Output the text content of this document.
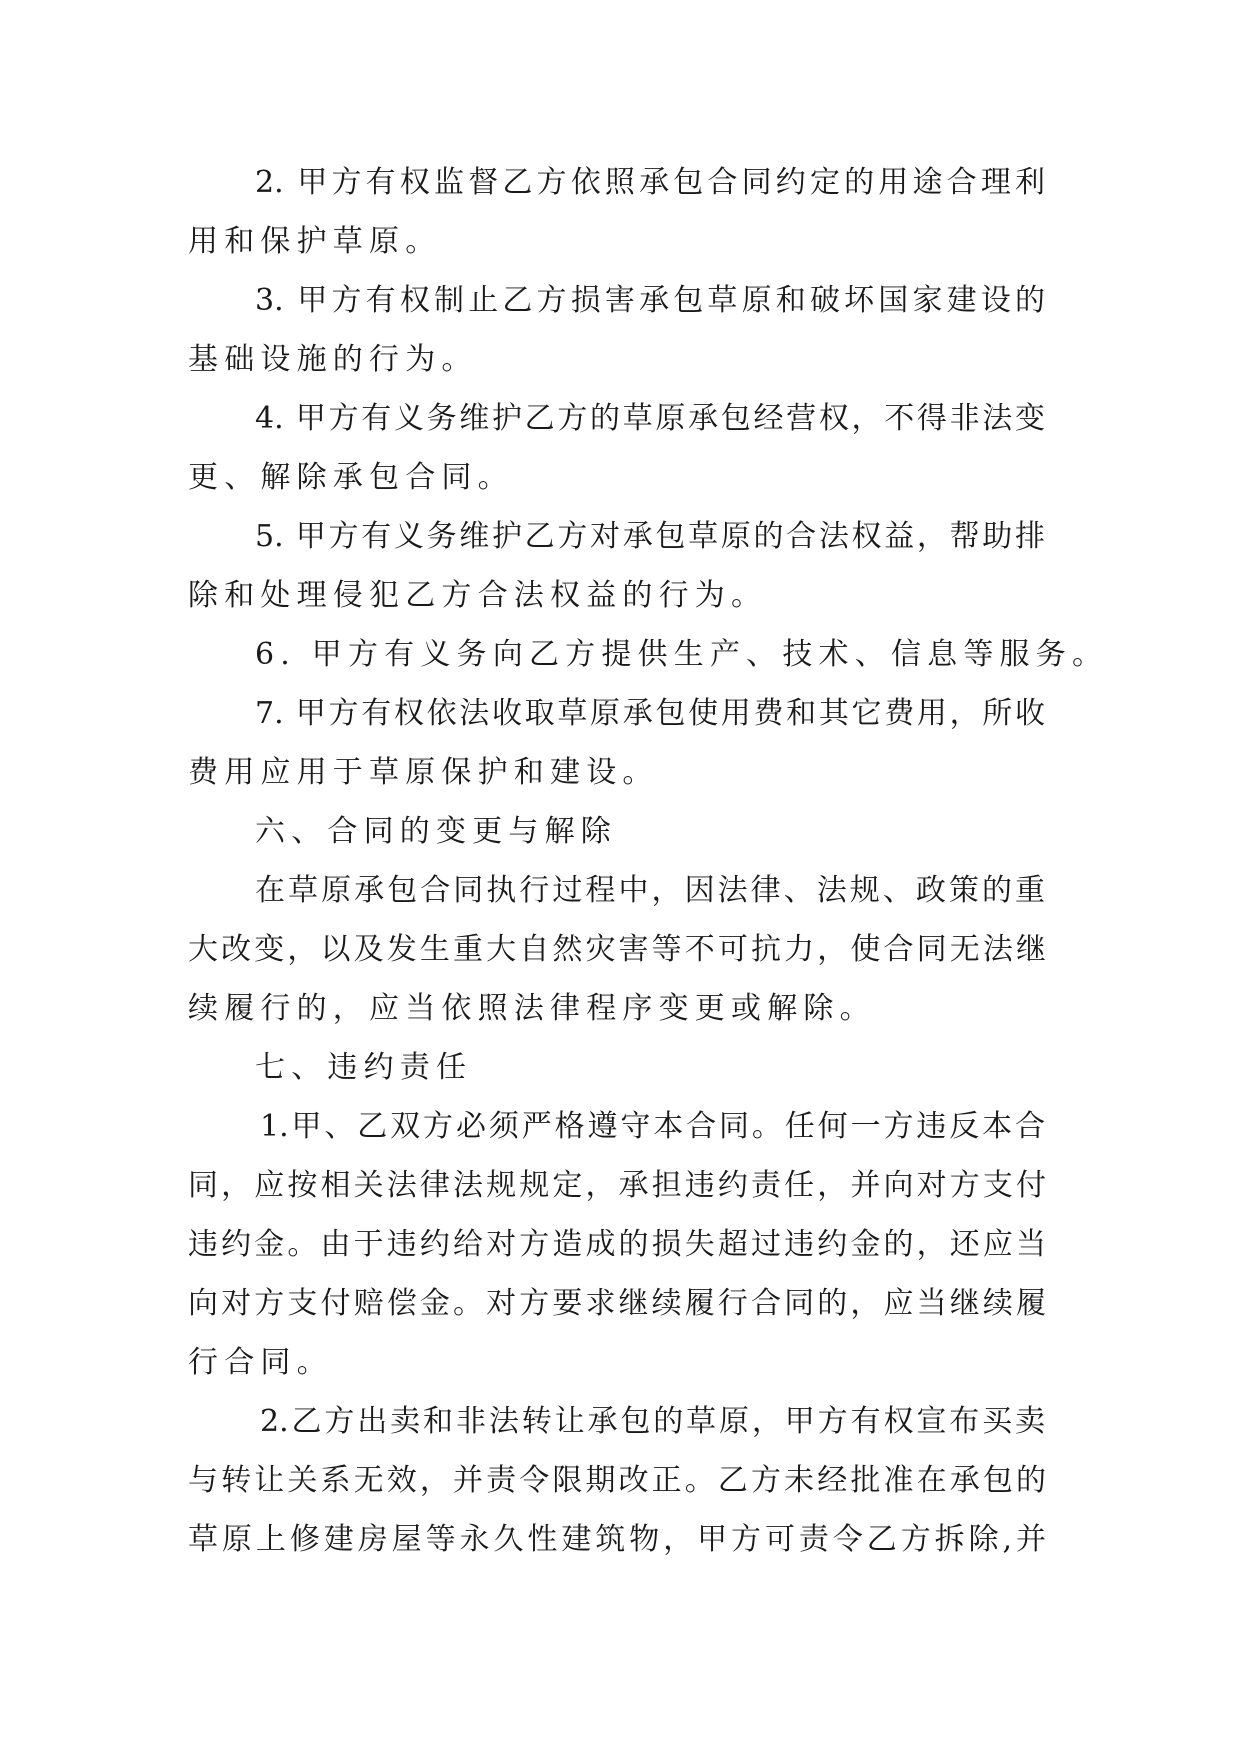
2. 甲方有权监督乙方依照承包合同约定的用途合理利

用和保护草原。

3. 甲方有权制止乙方损害承包草原和破坏国家建设的

基础设施的行为。

4. 甲方有义务维护乙方的草原承包经营权，不得非法变

更、解除承包合同。

5. 甲方有义务维护乙方对承包草原的合法权益，帮助排

除和处理侵犯乙方合法权益的行为。

6. 甲方有义务向乙方提供生产、技术、信息等服务。

7. 甲方有权依法收取草原承包使用费和其它费用，所收

费用应用于草原保护和建设。

六、合同的变更与解除

在草原承包合同执行过程中，因法律、法规、政策的重

大改变，以及发生重大自然灾害等不可抗力，使合同无法继

续履行的，应当依照法律程序变更或解除。

七、违约责任

1.甲、乙双方必须严格遵守本合同。任何一方违反本合

同，应按相关法律法规规定，承担违约责任，并向对方支付

违约金。由于违约给对方造成的损失超过违约金的，还应当

向对方支付赔偿金。对方要求继续履行合同的，应当继续履

行合同。

2.乙方出卖和非法转让承包的草原，甲方有权宣布买卖

与转让关系无效，并责令限期改正。乙方未经批准在承包的

草原上修建房屋等永久性建筑物，甲方可责令乙方拆除,并
